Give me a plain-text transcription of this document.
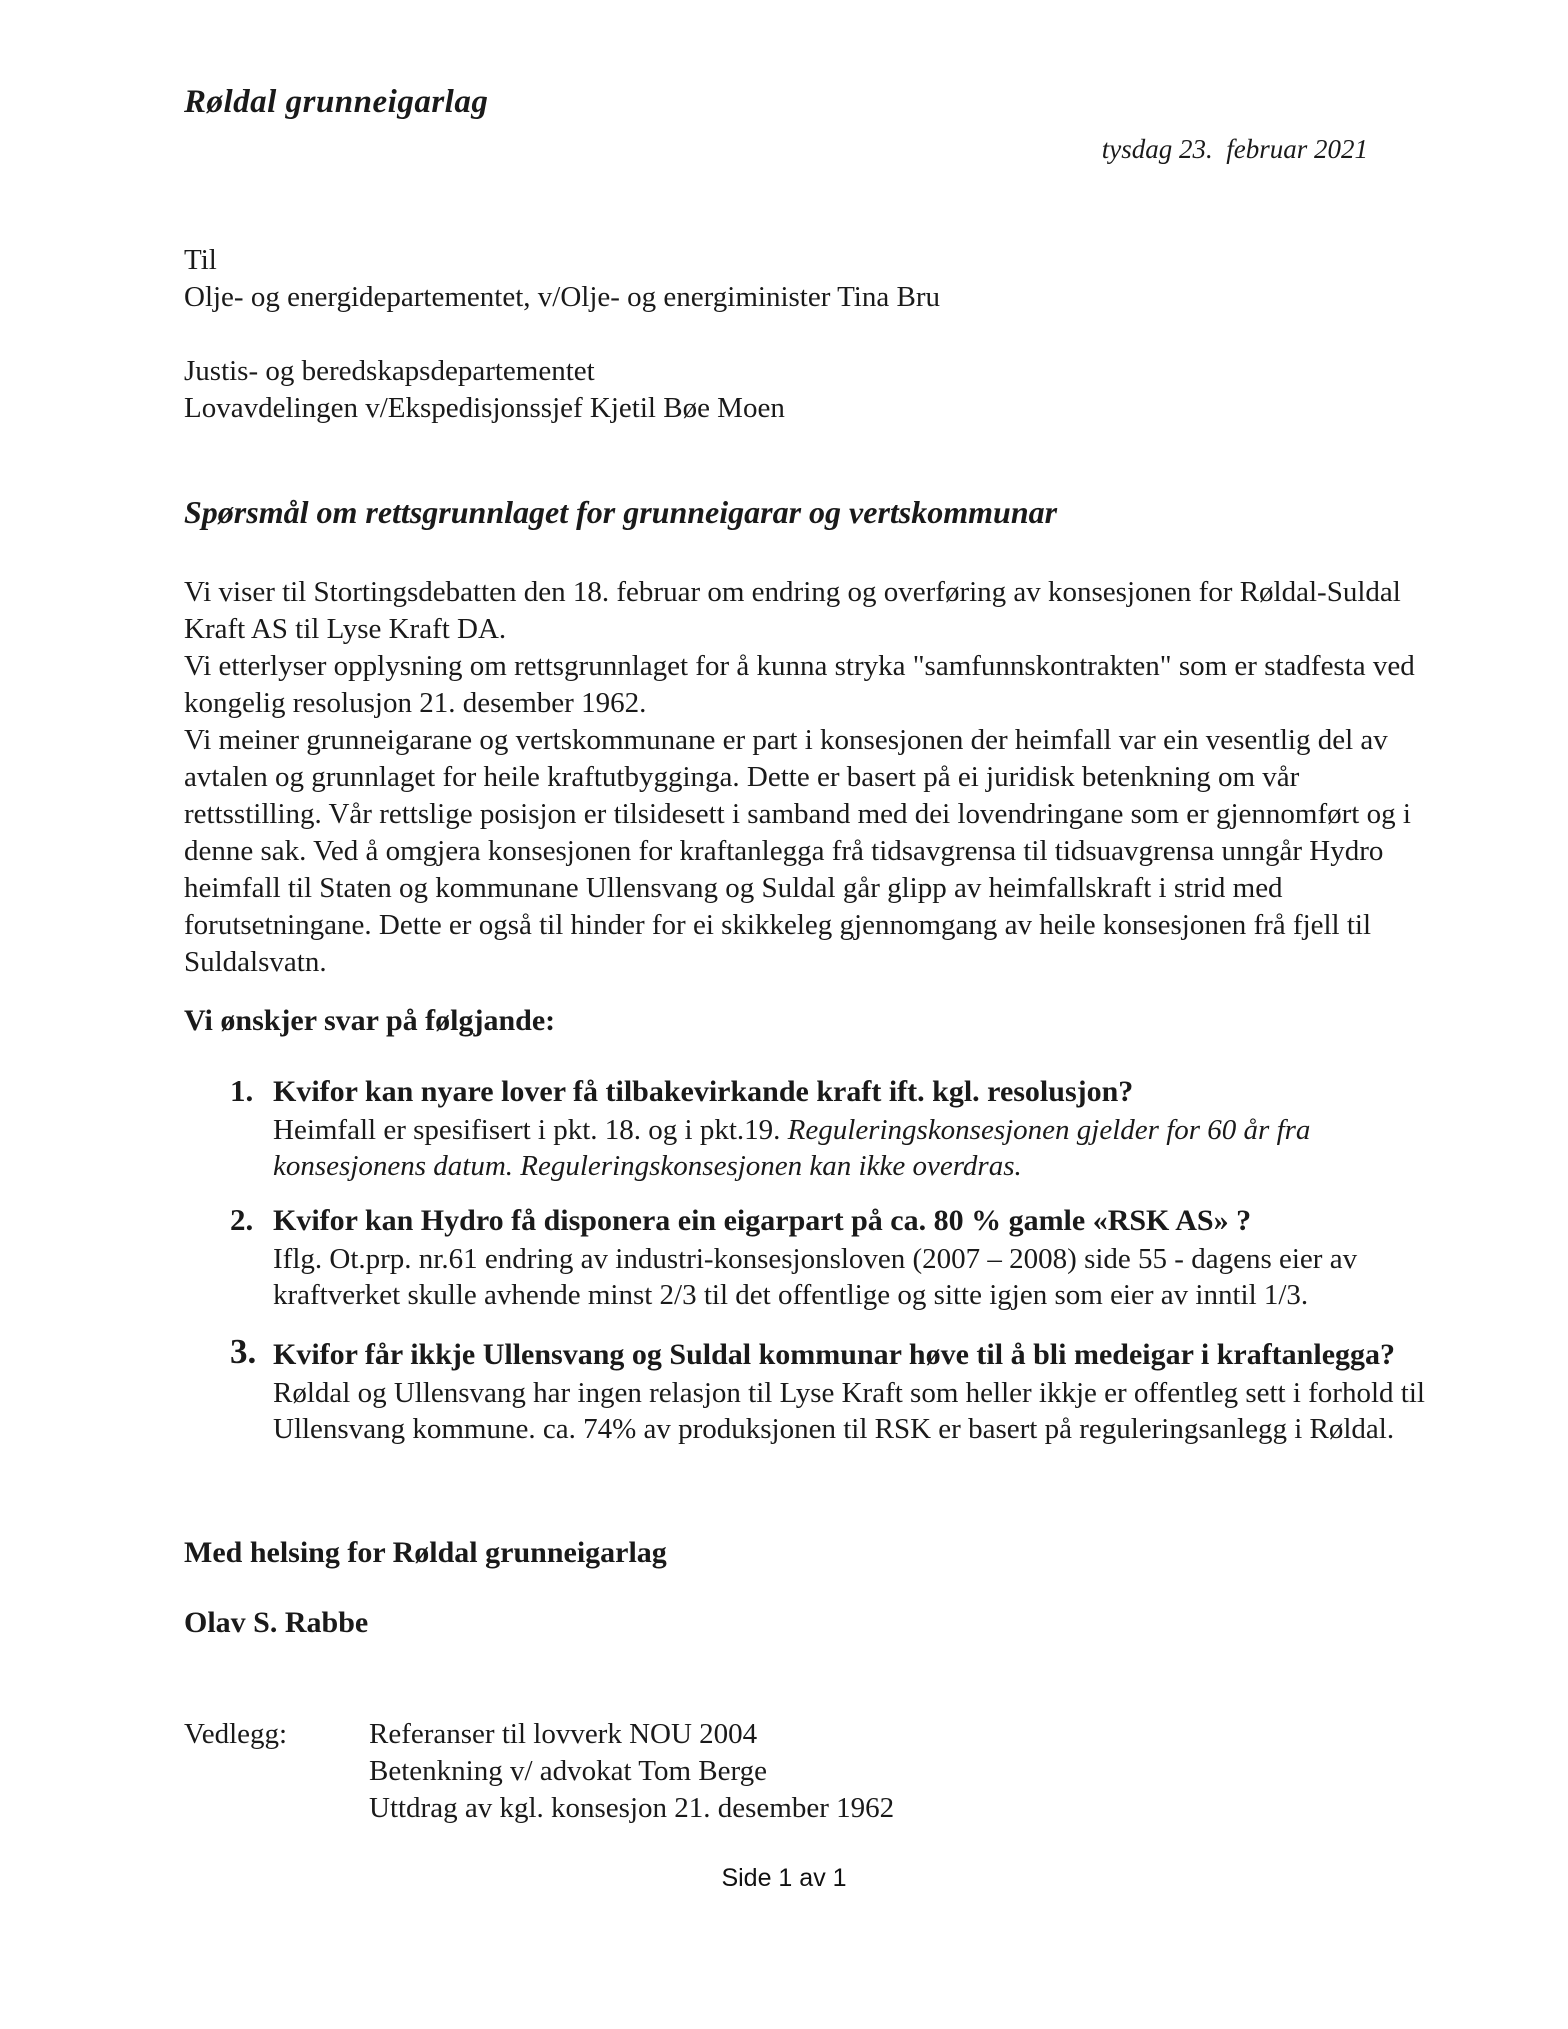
Røldal grunneigarlag
tysdag 23.  februar 2021
Til
Olje- og energidepartementet, v/Olje- og energiminister Tina Bru
Justis- og beredskapsdepartementet
Lovavdelingen v/Ekspedisjonssjef Kjetil Bøe Moen
Spørsmål om rettsgrunnlaget for grunneigarar og vertskommunar

Vi viser til Stortingsdebatten den 18. februar om endring og overføring av konsesjonen for Røldal-Suldal Kraft AS til Lyse Kraft DA.

Vi etterlyser opplysning om rettsgrunnlaget for å kunna stryka "samfunnskontrakten" som er stadfesta ved kongelig resolusjon 21. desember 1962.

Vi meiner grunneigarane og vertskommunane er part i konsesjonen der heimfall var ein vesentlig del av avtalen og grunnlaget for heile kraftutbygginga. Dette er basert på ei juridisk betenkning om vår rettsstilling. Vår rettslige posisjon er tilsidesett i samband med dei lovendringane som er gjennomført og i denne sak. Ved å omgjera konsesjonen for kraftanlegga frå tidsavgrensa til tidsuavgrensa unngår Hydro heimfall til Staten og kommunane Ullensvang og Suldal går glipp av heimfallskraft i strid med forutsetningane. Dette er også til hinder for ei skikkeleg gjennomgang av heile konsesjonen frå fjell til Suldalsvatn.

Vi ønskjer svar på følgjande:
1. Kvifor kan nyare lover få tilbakevirkande kraft ift. kgl. resolusjon?

Heimfall er spesifisert i pkt. 18. og i pkt.19. Reguleringskonsesjonen gjelder for 60 år fra konsesjonens datum. Reguleringskonsesjonen kan ikke overdras.

2. Kvifor kan Hydro få disponera ein eigarpart på ca. 80 % gamle «RSK AS» ?

Iflg. Ot.prp. nr.61 endring av industri-konsesjonsloven (2007 – 2008) side 55 - dagens eier av kraftverket skulle avhende minst 2/3 til det offentlige og sitte igjen som eier av inntil 1/3.

3. Kvifor får ikkje Ullensvang og Suldal kommunar høve til å bli medeigar i kraftanlegga?

Røldal og Ullensvang har ingen relasjon til Lyse Kraft som heller ikkje er offentleg sett i forhold til Ullensvang kommune. ca. 74% av produksjonen til RSK er basert på reguleringsanlegg i Røldal.

Med helsing for Røldal grunneigarlag
Olav S. Rabbe
Vedlegg:	Referanser til lovverk NOU 2004
Betenkning v/ advokat Tom Berge
Uttdrag av kgl. konsesjon 21. desember 1962
Side 1 av 1
